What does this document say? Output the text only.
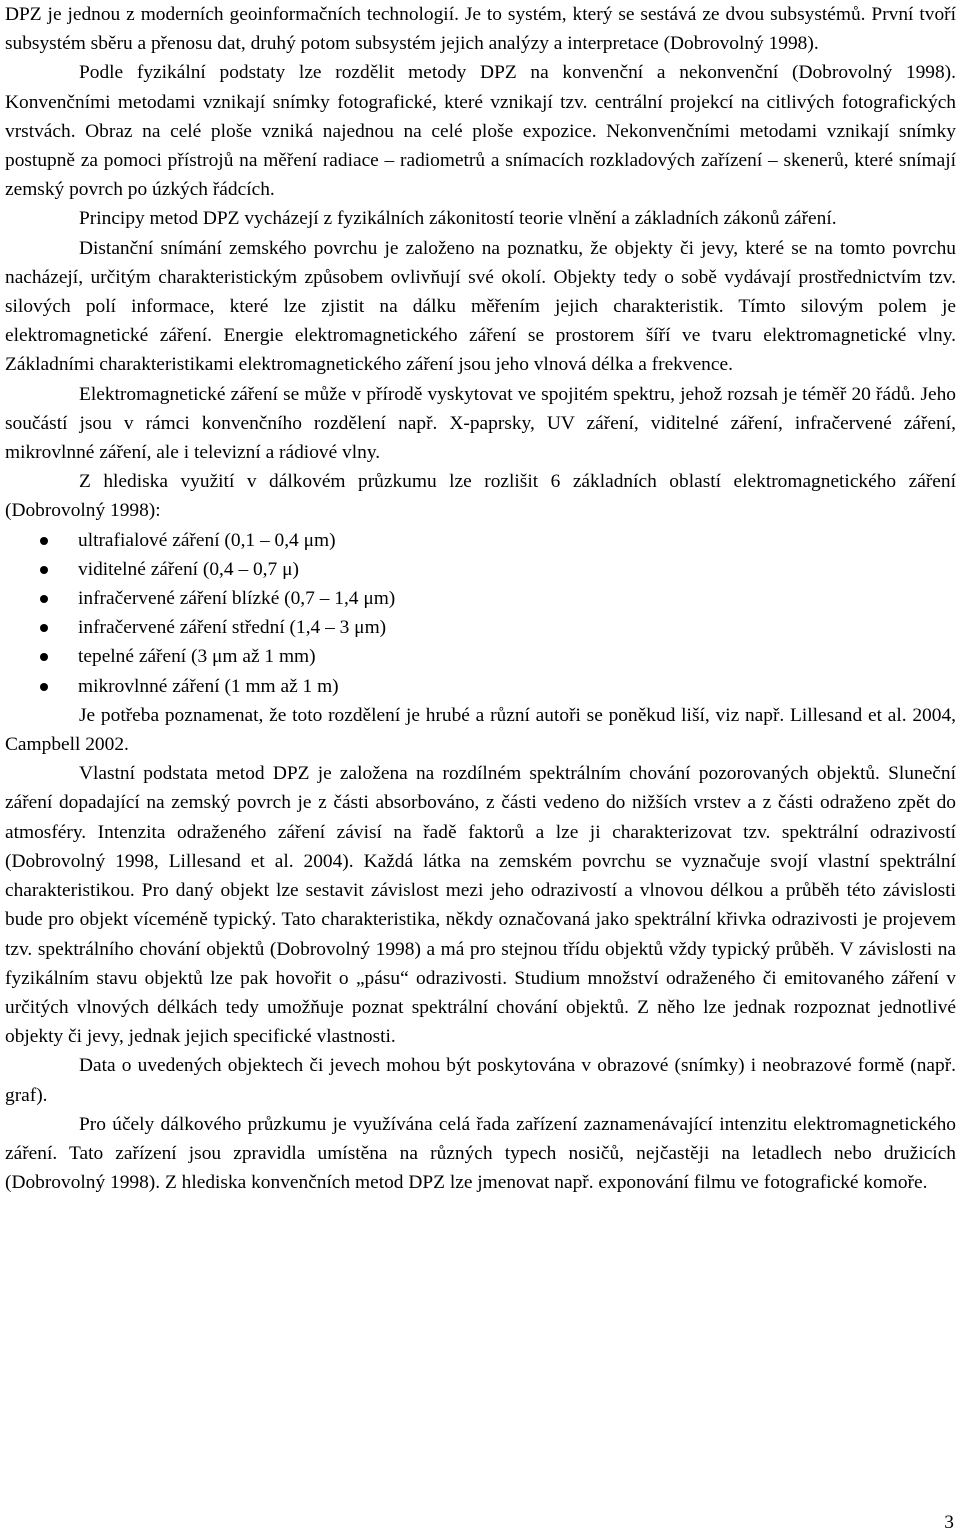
DPZ je jednou z moderních geoinformačních technologií. Je to systém, který se sestává ze dvou subsystémů. První tvoří subsystém sběru a přenosu dat, druhý potom subsystém jejich analýzy a interpretace (Dobrovolný 1998).

Podle fyzikální podstaty lze rozdělit metody DPZ na konvenční a nekonvenční (Dobrovolný 1998). Konvenčními metodami vznikají snímky fotografické, které vznikají tzv. centrální projekcí na citlivých fotografických vrstvách. Obraz na celé ploše vzniká najednou na celé ploše expozice. Nekonvenčními metodami vznikají snímky postupně za pomoci přístrojů na měření radiace – radiometrů a snímacích rozkladových zařízení – skenerů, které snímají zemský povrch po úzkých řádcích.

Principy metod DPZ vycházejí z fyzikálních zákonitostí teorie vlnění a základních zákonů záření.

Distanční snímání zemského povrchu je založeno na poznatku, že objekty či jevy, které se na tomto povrchu nacházejí, určitým charakteristickým způsobem ovlivňují své okolí. Objekty tedy o sobě vydávají prostřednictvím tzv. silových polí informace, které lze zjistit na dálku měřením jejich charakteristik. Tímto silovým polem je elektromagnetické záření. Energie elektromagnetického záření se prostorem šíří ve tvaru elektromagnetické vlny. Základními charakteristikami elektromagnetického záření jsou jeho vlnová délka a frekvence.

Elektromagnetické záření se může v přírodě vyskytovat ve spojitém spektru, jehož rozsah je téměř 20 řádů. Jeho součástí jsou v rámci konvenčního rozdělení např. X-paprsky, UV záření, viditelné záření, infračervené záření, mikrovlnné záření, ale i televizní a rádiové vlny.

Z hlediska využití v dálkovém průzkumu lze rozlišit 6 základních oblastí elektromagnetického záření (Dobrovolný 1998):

ultrafialové záření (0,1 – 0,4 μm)
viditelné záření (0,4 – 0,7 μ)
infračervené záření blízké (0,7 – 1,4 μm)
infračervené záření střední (1,4 – 3 μm)
tepelné záření (3 μm až 1 mm)
mikrovlnné záření (1 mm až 1 m)

Je potřeba poznamenat, že toto rozdělení je hrubé a různí autoři se poněkud liší, viz např. Lillesand et al. 2004, Campbell 2002.

Vlastní podstata metod DPZ je založena na rozdílném spektrálním chování pozorovaných objektů. Sluneční záření dopadající na zemský povrch je z části absorbováno, z části vedeno do nižších vrstev a z části odraženo zpět do atmosféry. Intenzita odraženého záření závisí na řadě faktorů a lze ji charakterizovat tzv. spektrální odrazivostí (Dobrovolný 1998, Lillesand et al. 2004). Každá látka na zemském povrchu se vyznačuje svojí vlastní spektrální charakteristikou. Pro daný objekt lze sestavit závislost mezi jeho odrazivostí a vlnovou délkou a průběh této závislosti bude pro objekt víceméně typický. Tato charakteristika, někdy označovaná jako spektrální křivka odrazivosti je projevem tzv. spektrálního chování objektů (Dobrovolný 1998) a má pro stejnou třídu objektů vždy typický průběh. V závislosti na fyzikálním stavu objektů lze pak hovořit o „pásu“ odrazivosti. Studium množství odraženého či emitovaného záření v určitých vlnových délkách tedy umožňuje poznat spektrální chování objektů. Z něho lze jednak rozpoznat jednotlivé objekty či jevy, jednak jejich specifické vlastnosti.

Data o uvedených objektech či jevech mohou být poskytována v obrazové (snímky) i neobrazové formě (např. graf).

Pro účely dálkového průzkumu je využívána celá řada zařízení zaznamenávající intenzitu elektromagnetického záření. Tato zařízení jsou zpravidla umístěna na různých typech nosičů, nejčastěji na letadlech nebo družicích (Dobrovolný 1998). Z hlediska konvenčních metod DPZ lze jmenovat např. exponování filmu ve fotografické komoře.

3
